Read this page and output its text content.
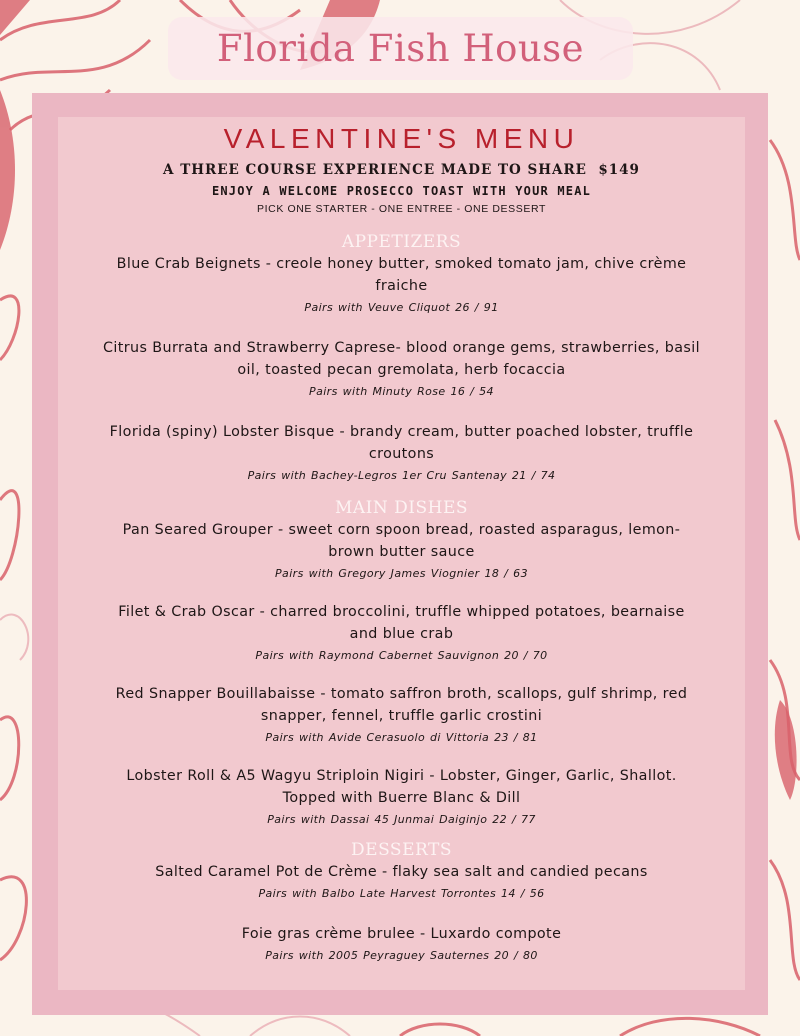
Florida Fish House
VALENTINE'S MENU
A THREE COURSE EXPERIENCE MADE TO SHARE $149
ENJOY A WELCOME PROSECCO TOAST WITH YOUR MEAL
PICK ONE STARTER - ONE ENTREE - ONE DESSERT
APPETIZERS
Blue Crab Beignets - creole honey butter, smoked tomato jam, chive crème fraiche
Pairs with Veuve Cliquot 26 / 91
Citrus Burrata and Strawberry Caprese- blood orange gems, strawberries, basil oil, toasted pecan gremolata, herb focaccia
Pairs with Minuty Rose 16 / 54
Florida (spiny) Lobster Bisque - brandy cream, butter poached lobster, truffle croutons
Pairs with Bachey-Legros 1er Cru Santenay 21 / 74
MAIN DISHES
Pan Seared Grouper - sweet corn spoon bread, roasted asparagus, lemon-brown butter sauce
Pairs with Gregory James Viognier 18 / 63
Filet & Crab Oscar - charred broccolini, truffle whipped potatoes, bearnaise and blue crab
Pairs with Raymond Cabernet Sauvignon 20 / 70
Red Snapper Bouillabaisse - tomato saffron broth, scallops, gulf shrimp, red snapper, fennel, truffle garlic crostini
Pairs with Avide Cerasuolo di Vittoria 23 / 81
Lobster Roll & A5 Wagyu Striploin Nigiri - Lobster, Ginger, Garlic, Shallot. Topped with Buerre Blanc & Dill
Pairs with Dassai 45 Junmai Daiginjo 22 / 77
DESSERTS
Salted Caramel Pot de Crème - flaky sea salt and candied pecans
Pairs with Balbo Late Harvest Torrontes 14 / 56
Foie gras crème brulee - Luxardo compote
Pairs with 2005 Peyraguey Sauternes 20 / 80
